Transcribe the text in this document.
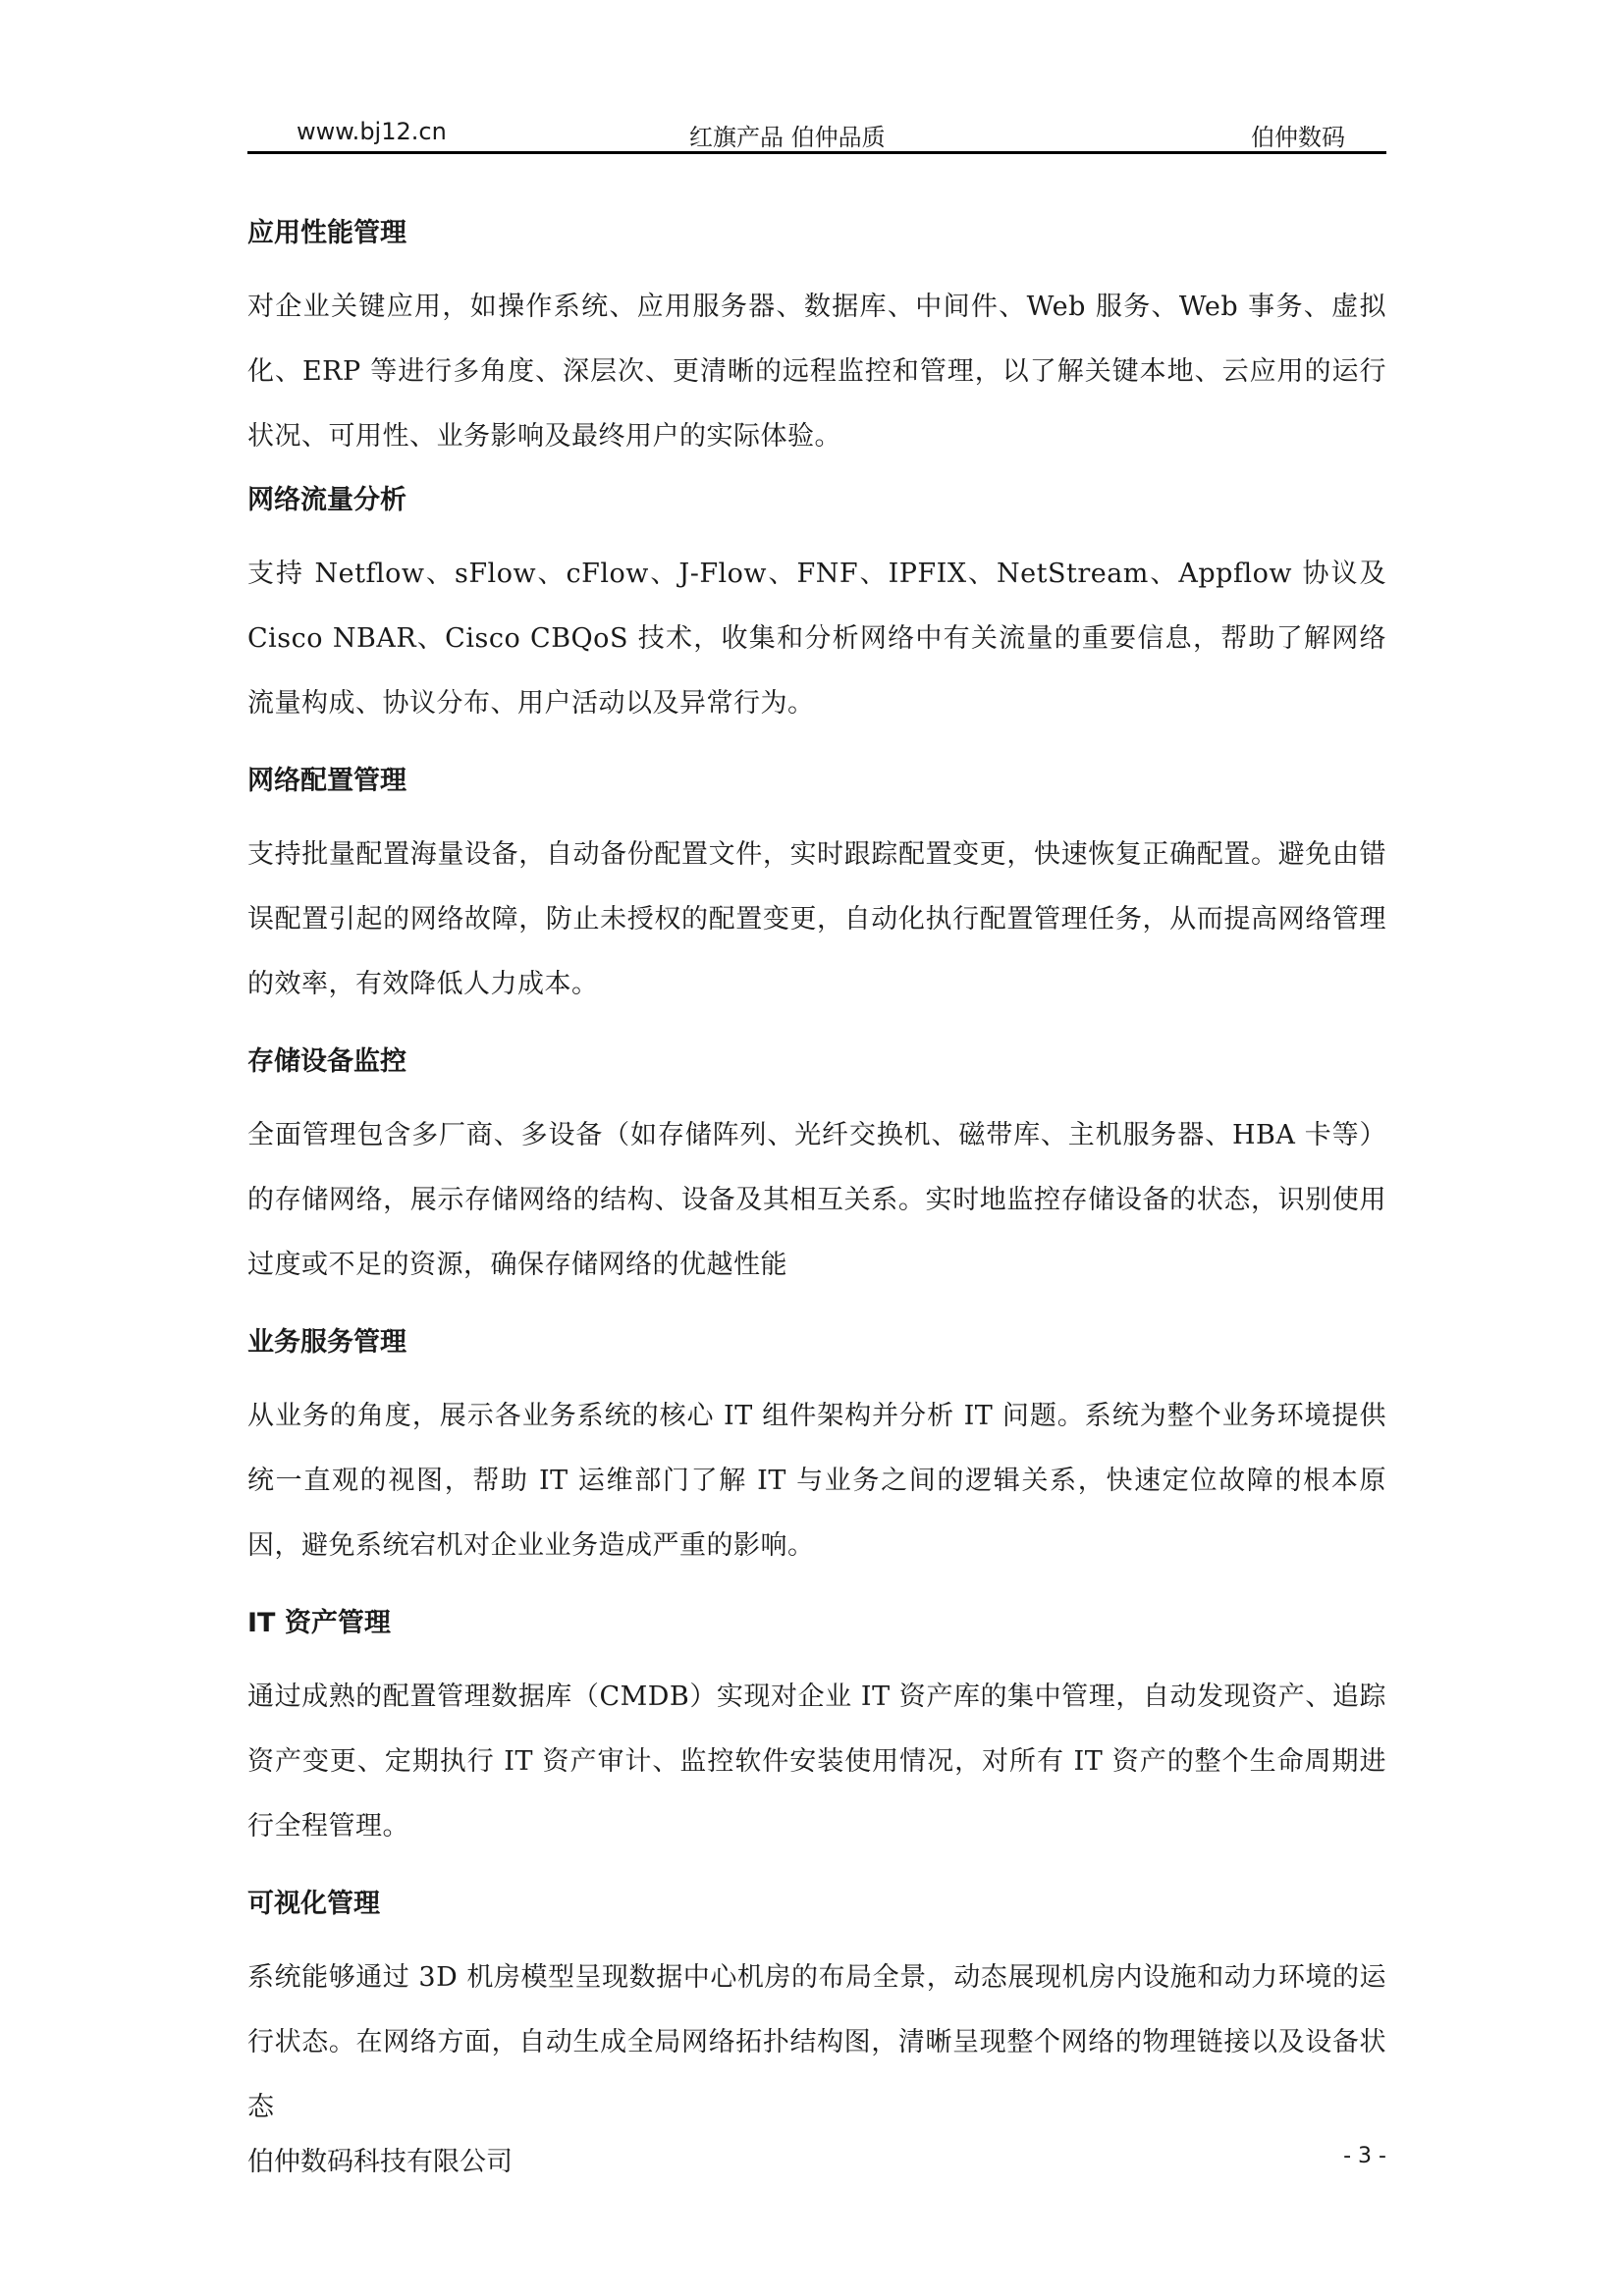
www.bj12.cn	红旗产品 伯仲品质	伯仲数码
应用性能管理

对企业关键应用，如操作系统、应用服务器、数据库、中间件、Web 服务、Web 事务、虚拟化、ERP 等进行多角度、深层次、更清晰的远程监控和管理，以了解关键本地、云应用的运行状况、可用性、业务影响及最终用户的实际体验。

网络流量分析

支持 Netflow、sFlow、cFlow、J-Flow、FNF、IPFIX、NetStream、Appflow 协议及 Cisco NBAR、Cisco CBQoS 技术，收集和分析网络中有关流量的重要信息，帮助了解网络流量构成、协议分布、用户活动以及异常行为。

网络配置管理

支持批量配置海量设备，自动备份配置文件，实时跟踪配置变更，快速恢复正确配置。避免由错误配置引起的网络故障，防止未授权的配置变更，自动化执行配置管理任务，从而提高网络管理的效率，有效降低人力成本。

存储设备监控

全面管理包含多厂商、多设备（如存储阵列、光纤交换机、磁带库、主机服务器、HBA 卡等）的存储网络，展示存储网络的结构、设备及其相互关系。实时地监控存储设备的状态，识别使用过度或不足的资源，确保存储网络的优越性能

业务服务管理

从业务的角度，展示各业务系统的核心 IT 组件架构并分析 IT 问题。系统为整个业务环境提供统一直观的视图，帮助 IT 运维部门了解 IT 与业务之间的逻辑关系，快速定位故障的根本原因，避免系统宕机对企业业务造成严重的影响。

IT 资产管理

通过成熟的配置管理数据库（CMDB）实现对企业 IT 资产库的集中管理，自动发现资产、追踪资产变更、定期执行 IT 资产审计、监控软件安装使用情况，对所有 IT 资产的整个生命周期进行全程管理。

可视化管理

系统能够通过 3D 机房模型呈现数据中心机房的布局全景，动态展现机房内设施和动力环境的运行状态。在网络方面，自动生成全局网络拓扑结构图，清晰呈现整个网络的物理链接以及设备状态

伯仲数码科技有限公司	- 3 -
